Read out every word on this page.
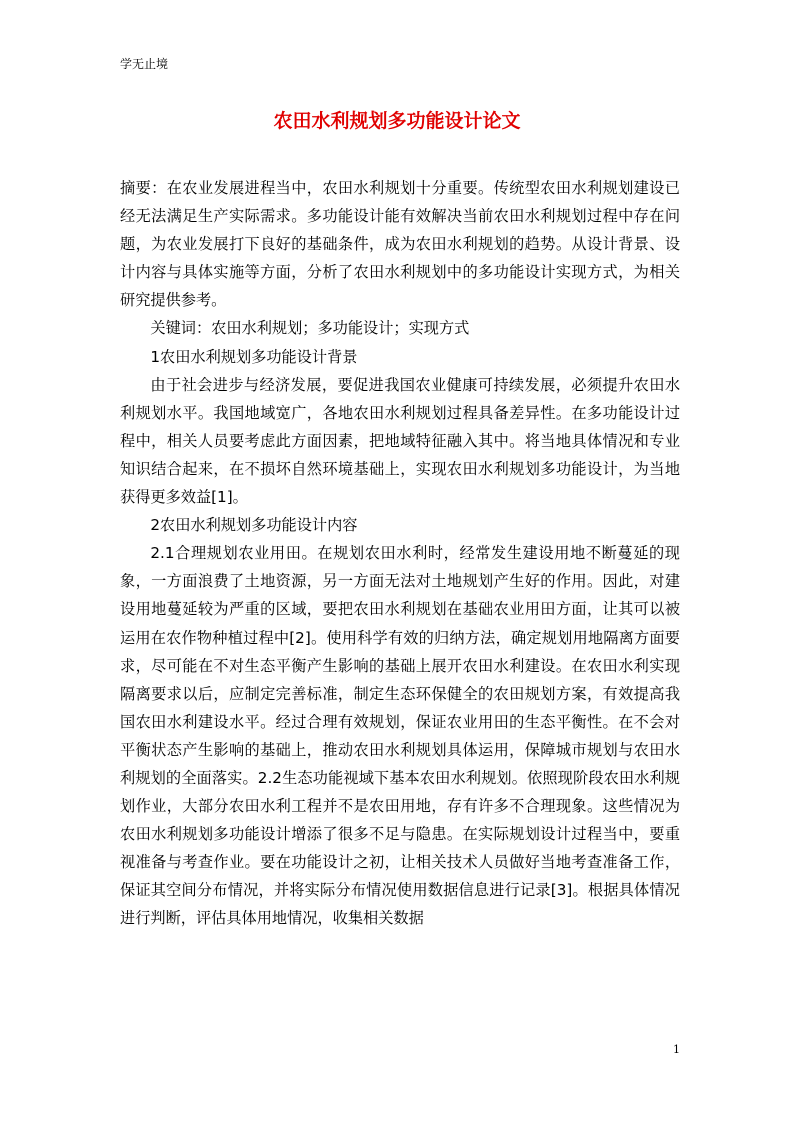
学无止境
农田水利规划多功能设计论文

摘要：在农业发展进程当中，农田水利规划十分重要。传统型农田水利规划建设已经无法满足生产实际需求。多功能设计能有效解决当前农田水利规划过程中存在问题，为农业发展打下良好的基础条件，成为农田水利规划的趋势。从设计背景、设计内容与具体实施等方面，分析了农田水利规划中的多功能设计实现方式，为相关研究提供参考。

关键词：农田水利规划；多功能设计；实现方式

1农田水利规划多功能设计背景

由于社会进步与经济发展，要促进我国农业健康可持续发展，必须提升农田水利规划水平。我国地域宽广，各地农田水利规划过程具备差异性。在多功能设计过程中，相关人员要考虑此方面因素，把地域特征融入其中。将当地具体情况和专业知识结合起来，在不损坏自然环境基础上，实现农田水利规划多功能设计，为当地获得更多效益[1]。

2农田水利规划多功能设计内容

2.1合理规划农业用田。在规划农田水利时，经常发生建设用地不断蔓延的现象，一方面浪费了土地资源，另一方面无法对土地规划产生好的作用。因此，对建设用地蔓延较为严重的区域，要把农田水利规划在基础农业用田方面，让其可以被运用在农作物种植过程中[2]。使用科学有效的归纳方法，确定规划用地隔离方面要求，尽可能在不对生态平衡产生影响的基础上展开农田水利建设。在农田水利实现隔离要求以后，应制定完善标准，制定生态环保健全的农田规划方案，有效提高我国农田水利建设水平。经过合理有效规划，保证农业用田的生态平衡性。在不会对平衡状态产生影响的基础上，推动农田水利规划具体运用，保障城市规划与农田水利规划的全面落实。2.2生态功能视域下基本农田水利规划。依照现阶段农田水利规划作业，大部分农田水利工程并不是农田用地，存有许多不合理现象。这些情况为农田水利规划多功能设计增添了很多不足与隐患。在实际规划设计过程当中，要重视准备与考查作业。要在功能设计之初，让相关技术人员做好当地考查准备工作，保证其空间分布情况，并将实际分布情况使用数据信息进行记录[3]。根据具体情况进行判断，评估具体用地情况，收集相关数据

1
